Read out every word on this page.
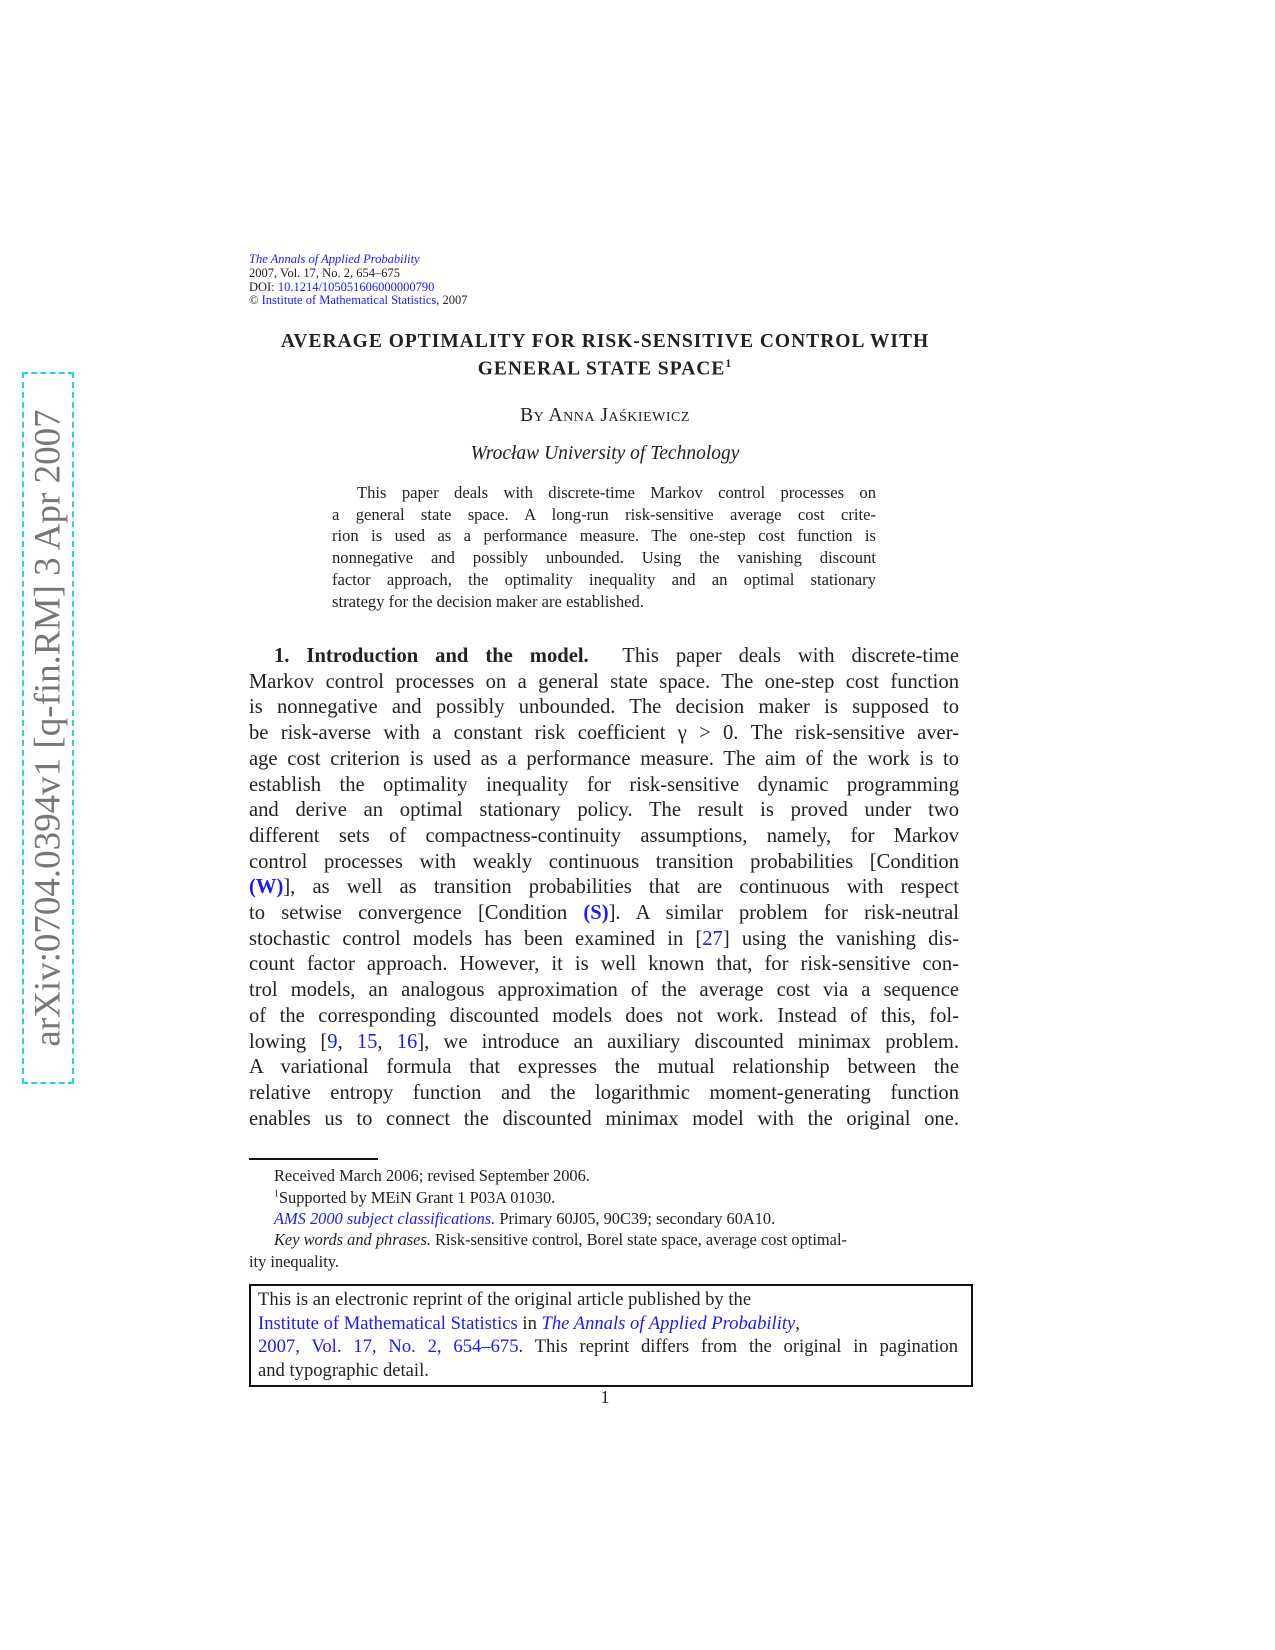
arXiv:0704.0394v1 [q-fin.RM] 3 Apr 2007
The Annals of Applied Probability
2007, Vol. 17, No. 2, 654–675
DOI: 10.1214/105051606000000790
© Institute of Mathematical Statistics, 2007
AVERAGE OPTIMALITY FOR RISK-SENSITIVE CONTROL WITH
GENERAL STATE SPACE$^1$
By Anna Jaśkiewicz
Wrocław University of Technology
This paper deals with discrete-time Markov control processes on
a general state space. A long-run risk-sensitive average cost crite-
rion is used as a performance measure. The one-step cost function is
nonnegative and possibly unbounded. Using the vanishing discount
factor approach, the optimality inequality and an optimal stationary
strategy for the decision maker are established.
1. Introduction and the model.  This paper deals with discrete-time
Markov control processes on a general state space. The one-step cost function
is nonnegative and possibly unbounded. The decision maker is supposed to
be risk-averse with a constant risk coefficient γ > 0. The risk-sensitive aver-
age cost criterion is used as a performance measure. The aim of the work is to
establish the optimality inequality for risk-sensitive dynamic programming
and derive an optimal stationary policy. The result is proved under two
different sets of compactness-continuity assumptions, namely, for Markov
control processes with weakly continuous transition probabilities [Condition
(W)], as well as transition probabilities that are continuous with respect
to setwise convergence [Condition (S)]. A similar problem for risk-neutral
stochastic control models has been examined in [27] using the vanishing dis-
count factor approach. However, it is well known that, for risk-sensitive con-
trol models, an analogous approximation of the average cost via a sequence
of the corresponding discounted models does not work. Instead of this, fol-
lowing [9, 15, 16], we introduce an auxiliary discounted minimax problem.
A variational formula that expresses the mutual relationship between the
relative entropy function and the logarithmic moment-generating function
enables us to connect the discounted minimax model with the original one.
Received March 2006; revised September 2006.
$^1$Supported by MEiN Grant 1 P03A 01030.
AMS 2000 subject classifications. Primary 60J05, 90C39; secondary 60A10.
Key words and phrases. Risk-sensitive control, Borel state space, average cost optimal-
ity inequality.
This is an electronic reprint of the original article published by the
Institute of Mathematical Statistics in The Annals of Applied Probability,
2007, Vol. 17, No. 2, 654–675. This reprint differs from the original in pagination
and typographic detail.
1
